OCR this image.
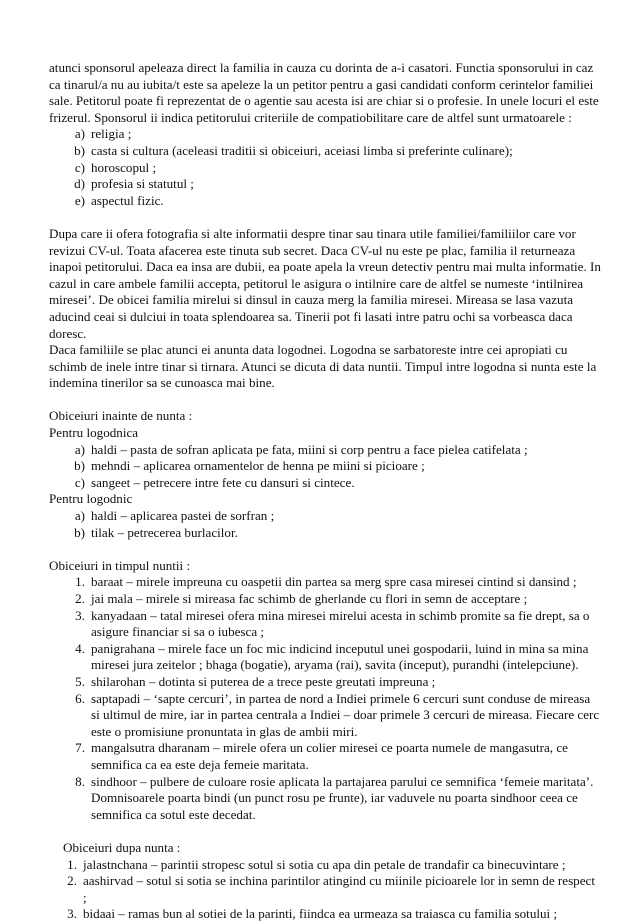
atunci sponsorul apeleaza direct la familia in cauza cu dorinta de a-i casatori. Functia sponsorului in caz ca tinarul/a nu au iubita/t este sa apeleze la un petitor pentru a gasi candidati conform cerintelor familiei sale. Petitorul poate fi reprezentat de o agentie sau acesta isi are chiar si o profesie. In unele locuri el este frizerul. Sponsorul ii indica petitorului criteriile de compatiobilitare care de altfel sunt urmatoarele :

a) religia ;
b) casta si cultura (aceleasi traditii si obiceiuri, aceiasi limba si preferinte culinare);
c) horoscopul ;
d) profesia si statutul ;
e) aspectul fizic.

Dupa care ii ofera fotografia si alte informatii despre tinar sau tinara utile familiei/familiilor care vor revizui CV-ul. Toata afacerea este tinuta sub secret. Daca CV-ul nu este pe plac, familia il returneaza inapoi petitorului. Daca ea insa are dubii, ea poate apela la vreun detectiv pentru mai multa informatie. In cazul in care ambele familii accepta, petitorul le asigura o intilnire care de altfel se numeste ‘intilnirea miresei’. De obicei familia mirelui si dinsul in cauza merg la familia miresei. Mireasa se lasa vazuta aducind ceai si dulciui in toata splendoarea sa. Tinerii pot fi lasati intre patru ochi sa vorbeasca daca doresc.

Daca familiile se plac atunci ei anunta data logodnei. Logodna se sarbatoreste intre cei apropiati cu schimb de inele intre tinar si tirnara. Atunci se dicuta di data nuntii. Timpul intre logodna si nunta este la indemina tinerilor sa se cunoasca mai bine.

Obiceiuri inainte de nunta :

Pentru logodnica

a) haldi – pasta de sofran aplicata pe fata, miini si corp pentru a face pielea catifelata ;
b) mehndi – aplicarea ornamentelor de henna pe miini si picioare ;
c) sangeet – petrecere intre fete cu dansuri si cintece.

Pentru logodnic

a) haldi – aplicarea pastei de sorfran ;
b) tilak – petrecerea burlacilor.

Obiceiuri in timpul nuntii :

1. baraat – mirele impreuna cu oaspetii din partea sa merg spre casa miresei cintind si dansind ;
2. jai mala – mirele si mireasa fac schimb de gherlande cu flori in semn de acceptare ;
3. kanyadaan – tatal miresei ofera mina miresei mirelui acesta in schimb promite sa fie drept, sa o asigure financiar si sa o iubesca ;
4. panigrahana – mirele face un foc mic indicind inceputul unei gospodarii, luind in mina sa mina miresei jura zeitelor ; bhaga (bogatie), aryama (rai), savita (inceput), purandhi (intelepciune).
5. shilarohan – dotinta si puterea de a trece peste greutati impreuna ;
6. saptapadi – ‘sapte cercuri’, in partea de nord a Indiei primele 6 cercuri sunt conduse de mireasa si ultimul de mire, iar in partea centrala a Indiei – doar primele 3 cercuri de mireasa. Fiecare cerc este o promisiune pronuntata in glas de ambii miri.
7. mangalsutra dharanam – mirele ofera un colier miresei ce poarta numele de mangasutra, ce semnifica ca ea este deja femeie maritata.
8. sindhoor – pulbere de culoare rosie aplicata la partajarea parului ce semnifica ‘femeie maritata’. Domnisoarele poarta bindi (un punct rosu pe frunte), iar vaduvele nu poarta sindhoor ceea ce semnifica ca sotul este decedat.

Obiceiuri dupa nunta :

1. jalastnchana – parintii stropesc sotul si sotia cu apa din petale de trandafir ca binecuvintare ;
2. aashirvad – sotul si sotia se inchina parintilor atingind cu miinile picioarele lor in semn de respect ;
3. bidaai – ramas bun al sotiei de la parinti, fiindca ea urmeaza sa traiasca cu familia sotului ;
